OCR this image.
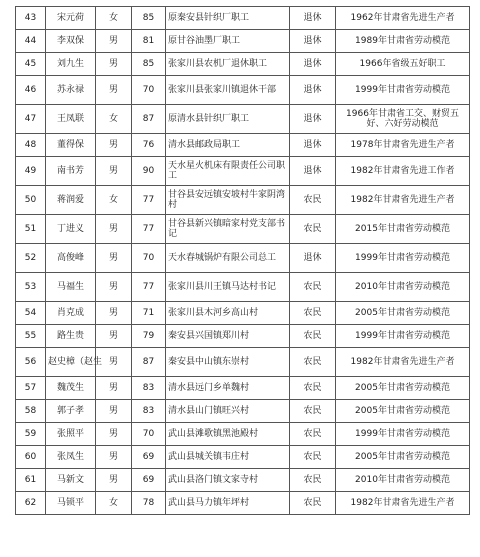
43	宋元荷	女	85	原秦安县针织厂职工	退休	1962年甘肃省先进生产者
44	李双保	男	81	原甘谷油墨厂职工	退休	1989年甘肃省劳动模范
45	刘九生	男	85	张家川县农机厂退休职工	退休	1966年省级五好职工
46	苏永禄	男	70	张家川县张家川镇退休干部	退休	1999年甘肃省劳动模范
47	王凤联	女	87	原清水县针织厂职工	退休	1966年甘肃省工交、财贸五好、六好劳动模范
48	董得保	男	76	清水县邮政局职工	退休	1978年甘肃省先进生产者
49	南书芳	男	90	天水星火机床有限责任公司职工	退休	1982年甘肃省先进工作者
50	蒋润爱	女	77	甘谷县安远镇安坡村牛家阴湾村	农民	1982年甘肃省先进生产者
51	丁进义	男	77	甘谷县新兴镇暗家村党支部书记	农民	2015年甘肃省劳动模范
52	高俊峰	男	70	天水春城锅炉有限公司总工	退休	1999年甘肃省劳动模范
53	马福生	男	77	张家川县川王镇马达村书记	农民	2010年甘肃省劳动模范
54	肖克成	男	71	张家川县木河乡高山村	农民	2005年甘肃省劳动模范
55	路生贵	男	79	秦安县兴国镇郑川村	农民	1999年甘肃省劳动模范
56	赵史樟（赵生	男	87	秦安县中山镇东崇村	农民	1982年甘肃省先进生产者
57	魏茂生	男	83	清水县远门乡单魏村	农民	2005年甘肃省劳动模范
58	郭子孝	男	83	清水县山门镇旺兴村	农民	2005年甘肃省劳动模范
59	张照平	男	70	武山县滩歌镇黑池殿村	农民	1999年甘肃省劳动模范
60	张凤生	男	69	武山县城关镇韦庄村	农民	2005年甘肃省劳动模范
61	马新文	男	69	武山县洛门镇文家寺村	农民	2010年甘肃省劳动模范
62	马锁平	女	78	武山县马力镇年坪村	农民	1982年甘肃省先进生产者
